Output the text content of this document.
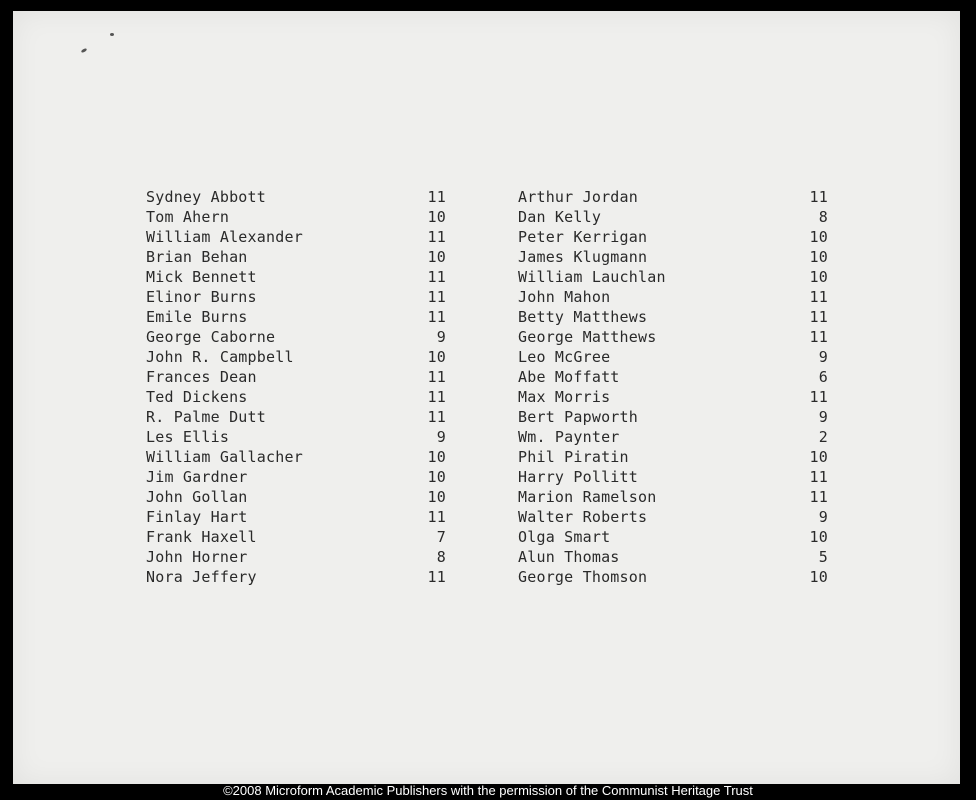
Sydney Abbott	11
Tom Ahern	10
William Alexander	11
Brian Behan	10
Mick Bennett	11
Elinor Burns	11
Emile Burns	11
George Caborne	9
John R. Campbell	10
Frances Dean	11
Ted Dickens	11
R. Palme Dutt	11
Les Ellis	9
William Gallacher	10
Jim Gardner	10
John Gollan	10
Finlay Hart	11
Frank Haxell	7
John Horner	8
Nora Jeffery	11
Arthur Jordan	11
Dan Kelly	8
Peter Kerrigan	10
James Klugmann	10
William Lauchlan	10
John Mahon	11
Betty Matthews	11
George Matthews	11
Leo McGree	9
Abe Moffatt	6
Max Morris	11
Bert Papworth	9
Wm. Paynter	2
Phil Piratin	10
Harry Pollitt	11
Marion Ramelson	11
Walter Roberts	9
Olga Smart	10
Alun Thomas	5
George Thomson	10
©2008 Microform Academic Publishers with the permission of the Communist Heritage Trust
